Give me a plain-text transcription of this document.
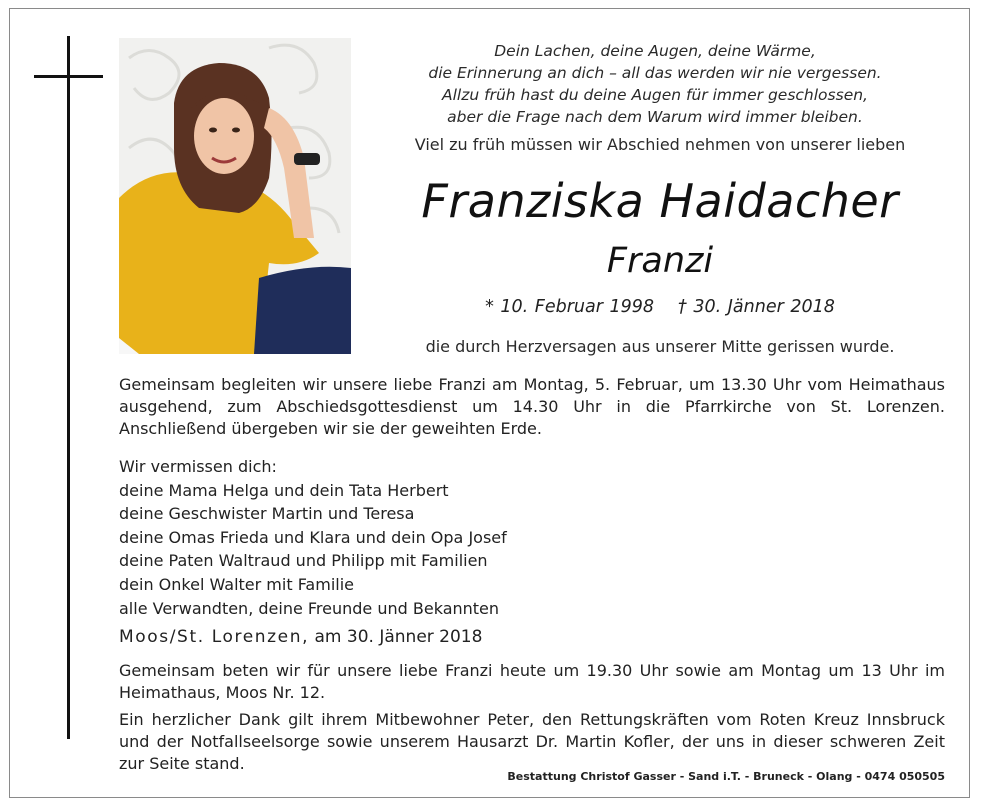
Dein Lachen, deine Augen, deine Wärme,
die Erinnerung an dich – all das werden wir nie vergessen.
Allzu früh hast du deine Augen für immer geschlossen,
aber die Frage nach dem Warum wird immer bleiben.
Viel zu früh müssen wir Abschied nehmen von unserer lieben
Franziska Haidacher
Franzi
* 10. Februar 1998 † 30. Jänner 2018
die durch Herzversagen aus unserer Mitte gerissen wurde.
Gemeinsam begleiten wir unsere liebe Franzi am Montag, 5. Februar, um 13.30 Uhr vom Heimathaus ausgehend, zum Abschiedsgottesdienst um 14.30 Uhr in die Pfarrkirche von St. Lorenzen. Anschließend übergeben wir sie der geweihten Erde.
Wir vermissen dich:
deine Mama Helga und dein Tata Herbert
deine Geschwister Martin und Teresa
deine Omas Frieda und Klara und dein Opa Josef
deine Paten Waltraud und Philipp mit Familien
dein Onkel Walter mit Familie
alle Verwandten, deine Freunde und Bekannten
Moos/St. Lorenzen, am 30. Jänner 2018
Gemeinsam beten wir für unsere liebe Franzi heute um 19.30 Uhr sowie am Montag um 13 Uhr im Heimathaus, Moos Nr. 12.
Ein herzlicher Dank gilt ihrem Mitbewohner Peter, den Rettungskräften vom Roten Kreuz Innsbruck und der Notfallseelsorge sowie unserem Hausarzt Dr. Martin Kofler, der uns in dieser schweren Zeit zur Seite stand.
Bestattung Christof Gasser - Sand i.T. - Bruneck - Olang - 0474 050505
